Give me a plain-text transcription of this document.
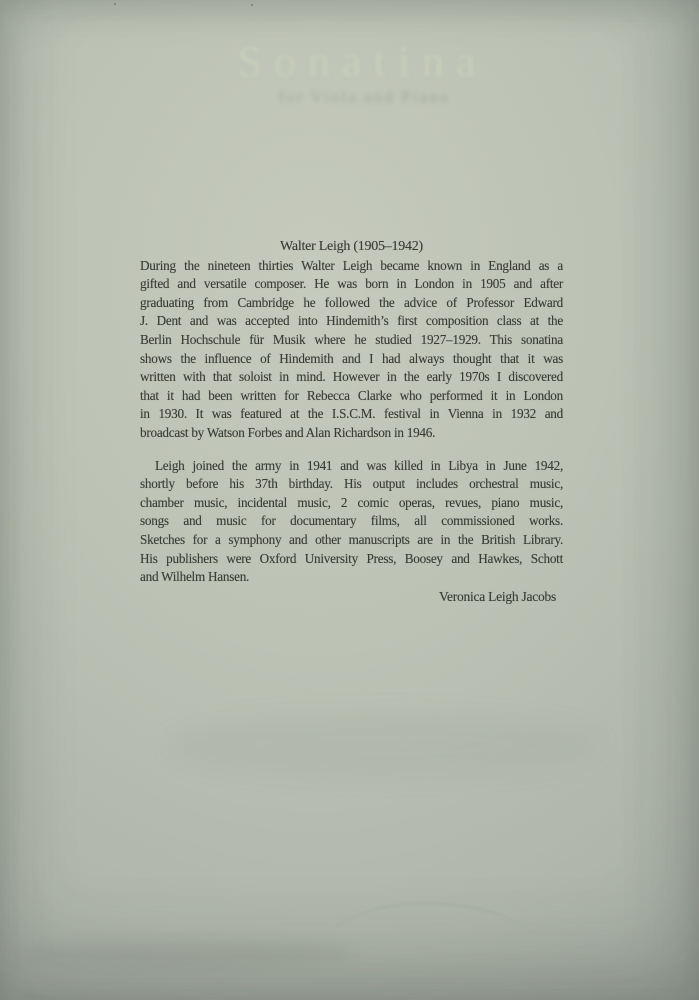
Sonatina
for Viola and Piano
Walter Leigh (1905–1942)
During the nineteen thirties Walter Leigh became known in England as a
gifted and versatile composer. He was born in London in 1905 and after
graduating from Cambridge he followed the advice of Professor Edward
J. Dent and was accepted into Hindemith’s first composition class at the
Berlin Hochschule für Musik where he studied 1927–1929. This sonatina
shows the influence of Hindemith and I had always thought that it was
written with that soloist in mind. However in the early 1970s I discovered
that it had been written for Rebecca Clarke who performed it in London
in 1930. It was featured at the I.S.C.M. festival in Vienna in 1932 and
broadcast by Watson Forbes and Alan Richardson in 1946.
Leigh joined the army in 1941 and was killed in Libya in June 1942,
shortly before his 37th birthday. His output includes orchestral music,
chamber music, incidental music, 2 comic operas, revues, piano music,
songs and music for documentary films, all commissioned works.
Sketches for a symphony and other manuscripts are in the British Library.
His publishers were Oxford University Press, Boosey and Hawkes, Schott
and Wilhelm Hansen.
Veronica Leigh Jacobs
